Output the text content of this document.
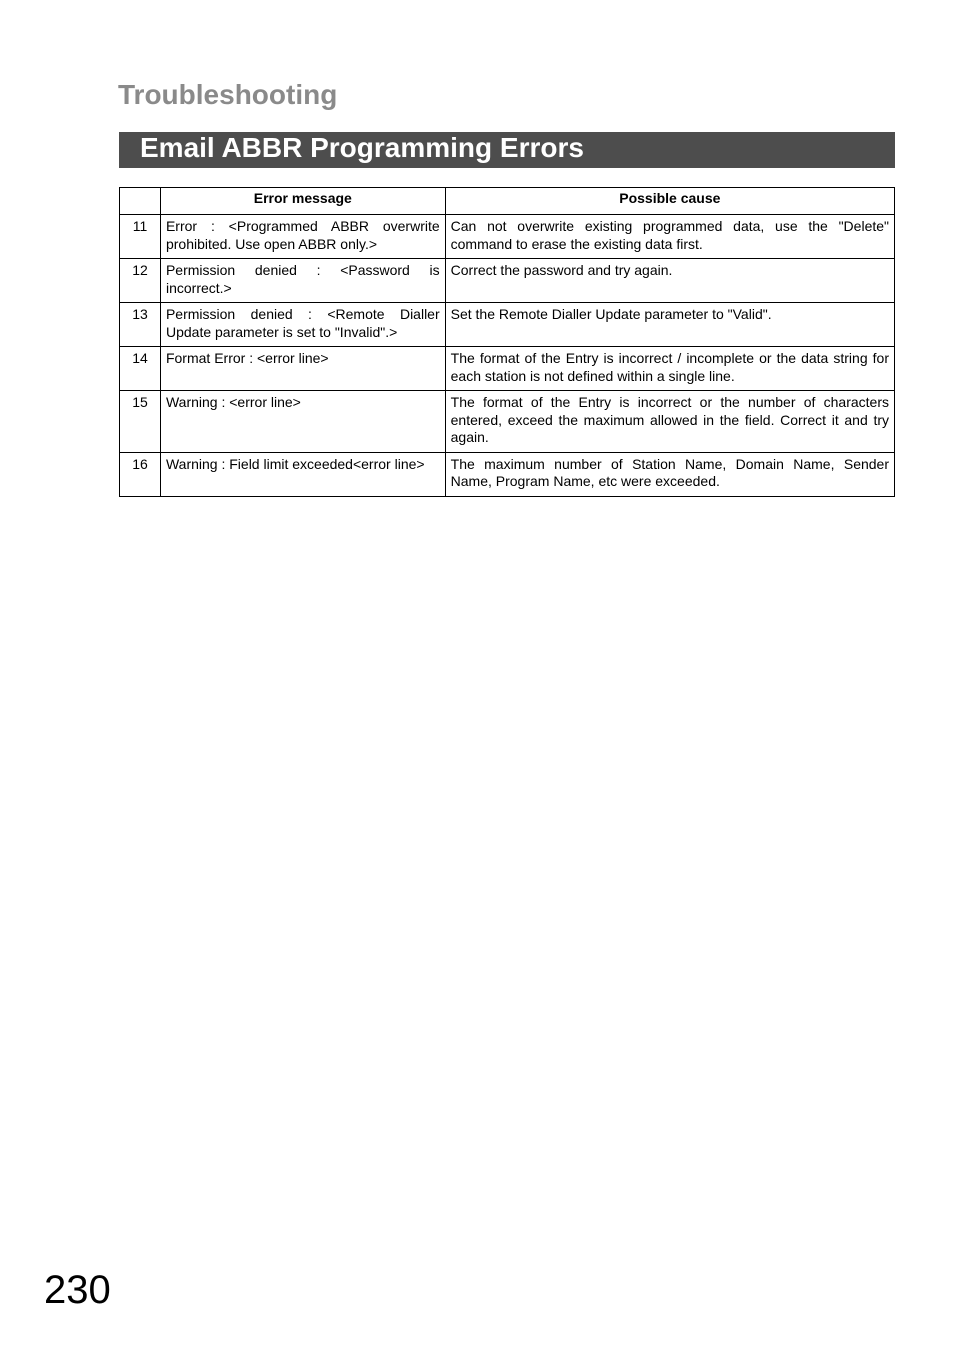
Troubleshooting
Email ABBR Programming Errors
	Error message	Possible cause
11	Error : <Programmed ABBR overwrite prohibited. Use open ABBR only.>	Can not overwrite existing programmed data, use the "Delete" command to erase the existing data first.
12	Permission denied : <Password is incorrect.>	Correct the password and try again.
13	Permission denied : <Remote Dialler Update parameter is set to "Invalid".>	Set the Remote Dialler Update parameter to "Valid".
14	Format Error : <error line>	The format of the Entry is incorrect / incomplete or the data string for each station is not defined within a single line.
15	Warning : <error line>	The format of the Entry is incorrect or the number of characters entered, exceed the maximum allowed in the field. Correct it and try again.
16	Warning : Field limit exceeded<error line>	The maximum number of Station Name, Domain Name, Sender Name, Program Name, etc were exceeded.
230
